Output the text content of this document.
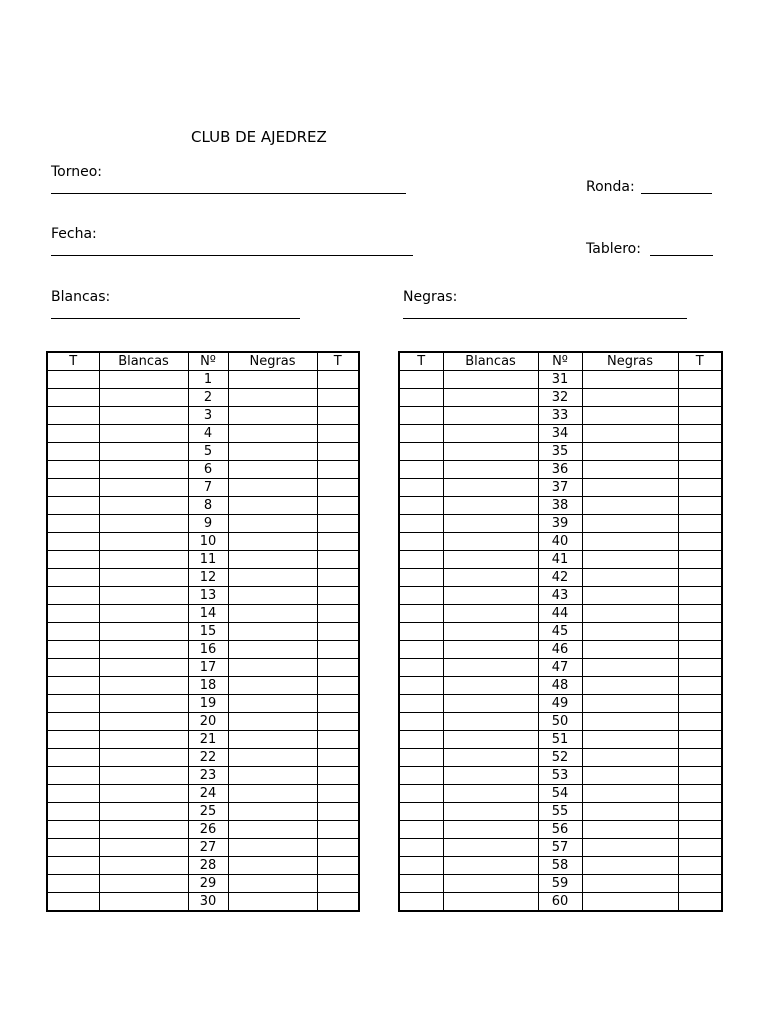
CLUB DE AJEDREZ
Torneo:
Ronda:
Fecha:
Tablero:
Blancas:	Negras:
T	Blancas	Nº	Negras	T
		1		
		2		
		3		
		4		
		5		
		6		
		7		
		8		
		9		
		10		
		11		
		12		
		13		
		14		
		15		
		16		
		17		
		18		
		19		
		20		
		21		
		22		
		23		
		24		
		25		
		26		
		27		
		28		
		29		
		30		
T	Blancas	Nº	Negras	T
		31		
		32		
		33		
		34		
		35		
		36		
		37		
		38		
		39		
		40		
		41		
		42		
		43		
		44		
		45		
		46		
		47		
		48		
		49		
		50		
		51		
		52		
		53		
		54		
		55		
		56		
		57		
		58		
		59		
		60		
